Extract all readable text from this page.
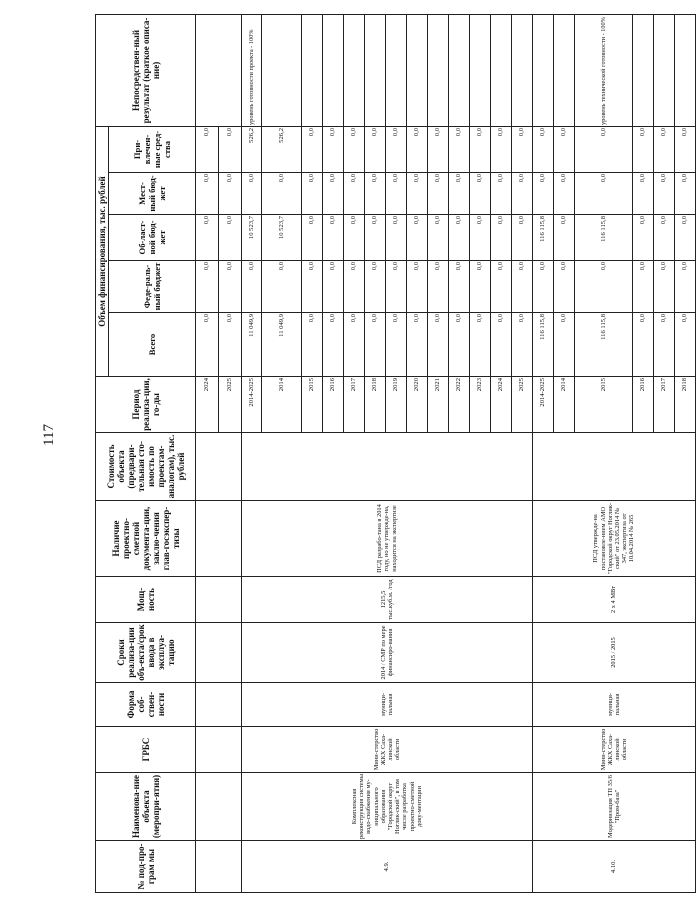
117
№ под-про-грам мы	Наименова-ние объекта (меропри-ятия)	ГРБС	Форма соб-ствен-ности	Сроки реализа-ции объ-екта/срок ввода в эксплуа-тацию	Мощ-ность	Наличие проектно-сметной документа-ции, заклю-чения глав-госэкспер-тизы	Стоимость объекта (предвари-тельная сто-имость по проектам-аналогам), тыс. рублей	Период реализа-ции, го-ды	Объем финансирования, тыс. рублей					Непосредствен-ный результат (краткое описа-ние)
									Всего	Феде-раль-ный бюджет	Об-ласт-ной бюд-жет	Мест-ный бюд-жет	При-влечен-ные сред-ства	
								2024	0,0	0,0	0,0	0,0	0,0	
								2025	0,0	0,0	0,0	0,0	0,0	
4.9.	Комплексная реконструкция системы водо-снабжения му-ниципального образования "Городской округ Ноглик-ский", в том числе разработка проектно-сметной доку-ментации	Мини-стерство ЖКХ Саха-линской области	муници-пальная	2014 / СМР по мере финансиро-вания	1215,5 тыс.куб.м. /год	ПСД разрабо-тана в 2014 году, но не утвержде-на, находится на экспертизе		2014-2025	11 049,9	0,0	10 523,7	0,0	526,2	уровень готовности проекта - 100%
								2014	11 049,9	0,0	10 523,7	0,0	526,2	
								2015	0,0	0,0	0,0	0,0	0,0	
								2016	0,0	0,0	0,0	0,0	0,0	
								2017	0,0	0,0	0,0	0,0	0,0	
								2018	0,0	0,0	0,0	0,0	0,0	
								2019	0,0	0,0	0,0	0,0	0,0	
								2020	0,0	0,0	0,0	0,0	0,0	
								2021	0,0	0,0	0,0	0,0	0,0	
								2022	0,0	0,0	0,0	0,0	0,0	
								2023	0,0	0,0	0,0	0,0	0,0	
								2024	0,0	0,0	0,0	0,0	0,0	
								2025	0,0	0,0	0,0	0,0	0,0	
4.10.	Модернизация ТП 35/6 "Пром-база"	Мини-стерство ЖКХ Саха-линской области	муници-пальная	2015 / 2015	2 х 4 МВт	ПСД утвержде-на постановле-нием АМО "Городской округ Ноглик-ский" от 23.05.2014 № 347, экспертиза от 10.04.2014 № 265		2014-2025	116 115,8	0,0	116 115,8	0,0	0,0	
								2014	0,0	0,0	0,0	0,0	0,0	
								2015	116 115,8	0,0	116 115,8	0,0	0,0	уровень технической готовности - 100%
								2016	0,0	0,0	0,0	0,0	0,0	
								2017	0,0	0,0	0,0	0,0	0,0	
								2018	0,0	0,0	0,0	0,0	0,0	
